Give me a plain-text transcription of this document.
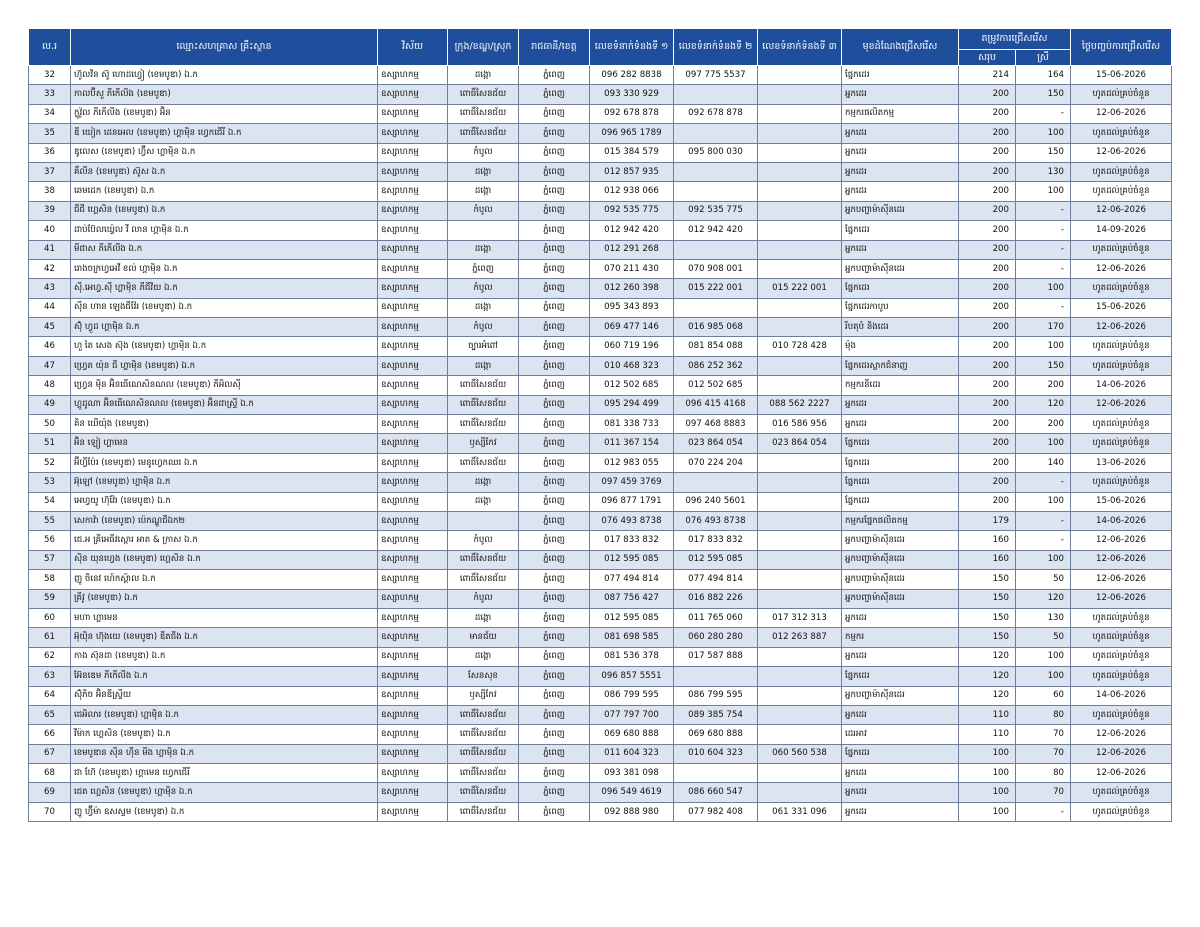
ល.រ	ឈ្មោះសហគ្រាស គ្រឹះស្ថាន	វិស័យ	ក្រុង/ខណ្ឌ/ស្រុក	រាជធានី/ខេត្ត	លេខទំនាក់ទំនងទី ១	លេខទំនាក់ទំនងទី ២	លេខទំនាក់ទំនងទី ៣	មុខដំណែងជ្រើសរើស	តម្រូវការជ្រើសរើស		ថ្ងៃបញ្ចប់ការជ្រើសរើស
									សរុប	ស្រី	
32	ហ៊ូលវិន ស៊ូ ហោដហ្វៀ (ខេមបូឌា) ឯ.ក	ឧស្សាហកម្ម	ដង្កោ	ភ្នំពេញ	096 282 8838	097 775 5537		ផ្នែកដេរ	214	164	15-06-2026
33	កាលប៊ីសួ ភីកើលីង (ខេមបូឌា)	ឧស្សាហកម្ម	ពោធិ៍សែនជ័យ	ភ្នំពេញ	093 330 929			អ្នកដេរ	200	150	ហូតដល់គ្រប់ចំនួន
34	ក្លូវ៉ូល ភីកើលីង (ខេមបូឌា) អ៊ិន	ឧស្សាហកម្ម	ពោធិ៍សែនជ័យ	ភ្នំពេញ	092 678 878	092 678 878		កម្មករផលិតកម្ម	200	-	12-06-2026
35	ឌី យៀក ដេនអេល (ខេមបូឌា) ហ្គាម៉ិន ហ្វេកជើរី ឯ.ក	ឧស្សាហកម្ម	ពោធិ៍សែនជ័យ	ភ្នំពេញ	096 965 1789			អ្នកដេរ	200	100	ហូតដល់គ្រប់ចំនួន
36	ឌូលេស (ខេមបូឌា) ហ្វ៊ីស ហ្គាម៉ិន ឯ.ក	ឧស្សាហកម្ម	កំបូល	ភ្នំពេញ	015 384 579	095 800 030		អ្នកដេរ	200	150	12-06-2026
37	គឺលីន (ខេមបូឌា) ស៊ូស ឯ.ក	ឧស្សាហកម្ម	ដង្កោ	ភ្នំពេញ	012 857 935			អ្នកដេរ	200	130	ហូតដល់គ្រប់ចំនួន
38	ឆេមដេក (ខេមបូឌា) ឯ.ក	ឧស្សាហកម្ម	ដង្កោ	ភ្នំពេញ	012 938 066			អ្នកដេរ	200	100	ហូតដល់គ្រប់ចំនួន
39	ជីជី ហ្គេសិន (ខេមបូឌា) ឯ.ក	ឧស្សាហកម្ម	កំបូល	ភ្នំពេញ	092 535 775	092 535 775		អ្នកបញ្ជាម៉ាស៊ីនដេរ	200	-	12-06-2026
40	ដាប់ប៊ែលឃ្វ៉េល វី លាន ហ្គាម៉ិន ឯ.ក	ឧស្សាហកម្ម		ភ្នំពេញ	012 942 420	012 942 420		ផ្នែកដេរ	200	-	14-09-2026
41	មីជាស ភីកើលីង ឯ.ក	ឧស្សាហកម្ម	ដង្កោ	ភ្នំពេញ	012 291 268			អ្នកដេរ	200	-	ហូតដល់គ្រប់ចំនួន
42	រោងចក្រហ្វអេវី ខល់ ហ្គាម៉ិន ឯ.ក	ឧស្សាហកម្ម	ភ្នំពេញ	ភ្នំពេញ	070 211 430	070 908 001		អ្នកបញ្ជាម៉ាស៊ីនដេរ	200	-	12-06-2026
43	ស៊ី.អេហ្វ.ស៊ី ហ្គាម៉ិន ភីជីវិយ ឯ.ក	ឧស្សាហកម្ម	កំបូល	ភ្នំពេញ	012 260 398	015 222 001	015 222 001	ផ្នែកដេរ	200	100	ហូតដល់គ្រប់ចំនួន
44	ស៊ីន ហាន ឡេងជីវ៉ែរ (ខេមបូឌា) ឯ.ក	ឧស្សាហកម្ម	ដង្កោ	ភ្នំពេញ	095 343 893			ផ្នែកដេរកាបូប	200	-	15-06-2026
45	ស៊ុំ ហ្វួដ ហ្គាម៉ិន ឯ.ក	ឧស្សាហកម្ម	កំបូល	ភ្នំពេញ	069 477 146	016 985 068		រីបតុបំ និងដេរ	200	170	12-06-2026
46	ហួ តៃ សេង ស៊ុង (ខេមបូឌា) ហ្គាម៉ិន ឯ.ក	ឧស្សាហកម្ម	ច្បារអំពៅ	ភ្នំពេញ	060 719 196	081 854 088	010 728 428	ម៉ុង	200	100	ហូតដល់គ្រប់ចំនួន
47	ហ្វ្រេត យ៉ុន ជី ហ្គាម៉ិន (ខេមបូឌា) ឯ.ក	ឧស្សាហកម្ម	ដង្កោ	ភ្នំពេញ	010 468 323	086 252 362		ផ្នែកដេរស្លាកជំនាញ	200	150	ហូតដល់គ្រប់ចំនួន
48	ហ្វ្រេន ម៉ិន អ៊ិនធើណេសិនណល (ខេមបូឌា) ភីអិលស៊ី	ឧស្សាហកម្ម	ពោធិ៍សែនជ័យ	ភ្នំពេញ	012 502 685	012 502 685		កម្មករនីដេរ	200	200	14-06-2026
49	ហ្គូដូណា អ៊ិនធើណេសិនណល (ខេមបូឌា) អ៊ិនដាស្ទ្រី ឯ.ក	ឧស្សាហកម្ម	ពោធិ៍សែនជ័យ	ភ្នំពេញ	095 294 499	096 415 4168	088 562 2227	អ្នកដេរ	200	120	12-06-2026
50	គិន ឃើយ៉ុង (ខេមបូឌា)	ឧស្សាហកម្ម	ពោធិ៍សែនជ័យ	ភ្នំពេញ	081 338 733	097 468 8883	016 586 956	អ្នកដេរ	200	200	ហូតដល់គ្រប់ចំនួន
51	អ៊ិន ឡៀ ហ្គាមេន	ឧស្សាហកម្ម	ឫស្សីកែវ	ភ្នំពេញ	011 367 154	023 864 054	023 864 054	ផ្នែកដេរ	200	100	ហូតដល់គ្រប់ចំនួន
52	អ៊ីហ្វីប៉ែរ (ខេមបូឌា) មេនូហ្វេកឈរ ឯ.ក	ឧស្សាហកម្ម	ពោធិ៍សែនជ័យ	ភ្នំពេញ	012 983 055	070 224 204		ផ្នែកដេរ	200	140	13-06-2026
53	អ៊ុឡៅ (ខេមបូឌា) ហ្គាម៉ិន ឯ.ក	ឧស្សាហកម្ម	ដង្កោ	ភ្នំពេញ	097 459 3769			ផ្នែកដេរ	200	-	ហូតដល់គ្រប់ចំនួន
54	អេហ្វយូ ហ៊ុវ៉ែរ (ខេមបូឌា) ឯ.ក	ឧស្សាហកម្ម	ដង្កោ	ភ្នំពេញ	096 877 1791	096 240 5601		ផ្នែកដេរ	200	100	15-06-2026
55	សេកាវ៉ា (ខេមបូឌា) ប៉េកណ្ឌូជីឯក២	ឧស្សាហកម្ម		ភ្នំពេញ	076 493 8738	076 493 8738		កម្មករផ្នែកផលិតកម្ម	179	-	14-06-2026
56	ជេ.អ គ្រីអេធីវស្ពោរ អាត & ក្រាស ឯ.ក	ឧស្សាហកម្ម	កំបូល	ភ្នំពេញ	017 833 832	017 833 832		អ្នកបញ្ជាម៉ាស៊ីនដេរ	160	-	12-06-2026
57	ស៊ិន យុនហ្វេង (ខេមបូឌា) ហ្គេសិន ឯ.ក	ឧស្សាហកម្ម	ពោធិ៍សែនជ័យ	ភ្នំពេញ	012 595 085	012 595 085		អ្នកបញ្ជាម៉ាស៊ីនដេរ	160	100	12-06-2026
58	ញូ ចិនេវ ហ៍េកស្ត៍ាល ឯ.ក	ឧស្សាហកម្ម	ពោធិ៍សែនជ័យ	ភ្នំពេញ	077 494 814	077 494 814		អ្នកបញ្ជាម៉ាស៊ីនដេរ	150	50	12-06-2026
59	គ្រីវូ (ខេមបូឌា) ឯ.ក	ឧស្សាហកម្ម	កំបូល	ភ្នំពេញ	087 756 427	016 882 226		អ្នកបញ្ជាម៉ាស៊ីនដេរ	150	120	12-06-2026
60	មហា ហ្គាមេន	ឧស្សាហកម្ម	ដង្កោ	ភ្នំពេញ	012 595 085	011 765 060	017 312 313	អ្នកដេរ	150	130	ហូតដល់គ្រប់ចំនួន
61	អ៊ុយ៉ិន ហ៊ុងយេ (ខេមបូឌា) ឌីតជីង ឯ.ក	ឧស្សាហកម្ម	មានជ័យ	ភ្នំពេញ	081 698 585	060 280 280	012 263 887	កម្មករ	150	50	ហូតដល់គ្រប់ចំនួន
62	កាង ស៊ុនដា (ខេមបូឌា) ឯ.ក	ឧស្សាហកម្ម	ដង្កោ	ភ្នំពេញ	081 536 378	017 587 888		អ្នកដេរ	120	100	ហូតដល់គ្រប់ចំនួន
63	អ៊ែនឌេម ភីកើលីង ឯ.ក	ឧស្សាហកម្ម	សែនសុខ	ភ្នំពេញ	096 857 5551			ផ្នែកដេរ	120	100	ហូតដល់គ្រប់ចំនួន
64	ស៊ុំភិច អ៊ិនឌីស្ទ្រីយ	ឧស្សាហកម្ម	ឫស្សីកែវ	ភ្នំពេញ	086 799 595	086 799 595		អ្នកបញ្ជាម៉ាស៊ីនដេរ	120	60	14-06-2026
65	ជេអិលារ (ខេមបូឌា) ហ្គាម៉ិន ឯ.ក	ឧស្សាហកម្ម	ពោធិ៍សែនជ័យ	ភ្នំពេញ	077 797 700	089 385 754		អ្នកដេរ	110	80	ហូតដល់គ្រប់ចំនួន
66	វីម៉ាក ហ្គេសិន (ខេមបូឌា) ឯ.ក	ឧស្សាហកម្ម	ពោធិ៍សែនជ័យ	ភ្នំពេញ	069 680 888	069 680 888		ដេរអាវ	110	70	12-06-2026
67	ខេមបូឌាន ស៊ីន ហ៊ីន មីង ហ្គាម៉ិន ឯ.ក	ឧស្សាហកម្ម	ពោធិ៍សែនជ័យ	ភ្នំពេញ	011 604 323	010 604 323	060 560 538	ផ្នែកដេរ	100	70	12-06-2026
68	ជា ហ៊ែ (ខេមបូឌា) ហ្គាមេន ហ្វេកជើរី	ឧស្សាហកម្ម	ពោធិ៍សែនជ័យ	ភ្នំពេញ	093 381 098			អ្នកដេរ	100	80	12-06-2026
69	ជេត ហ្គេសិន (ខេមបូឌា) ហ្គាម៉ិន ឯ.ក	ឧស្សាហកម្ម	ពោធិ៍សែនជ័យ	ភ្នំពេញ	096 549 4619	086 660 547		អ្នកដេរ	100	70	ហូតដល់គ្រប់ចំនួន
70	ញូ ហ្វ៊ីម៉ា ឧសស្ទម (ខេមបូឌា) ឯ.ក	ឧស្សាហកម្ម	ពោធិ៍សែនជ័យ	ភ្នំពេញ	092 888 980	077 982 408	061 331 096	អ្នកដេរ	100	-	ហូតដល់គ្រប់ចំនួន
